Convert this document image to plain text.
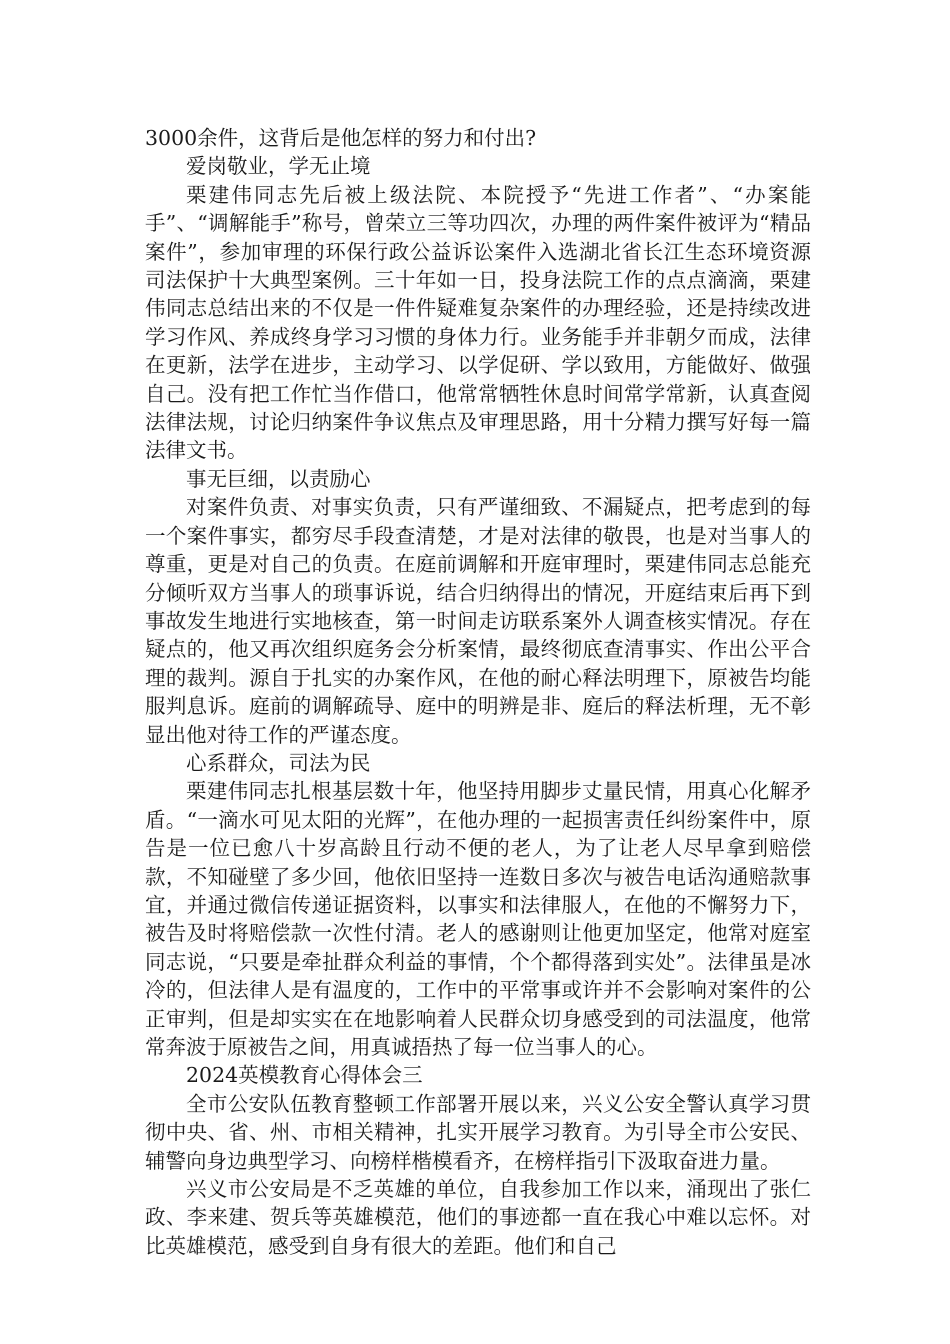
3000余件，这背后是他怎样的努力和付出?

爱岗敬业，学无止境

栗建伟同志先后被上级法院、本院授予“先进工作者”、“办案能手”、“调解能手”称号，曾荣立三等功四次，办理的两件案件被评为“精品案件”，参加审理的环保行政公益诉讼案件入选湖北省长江生态环境资源司法保护十大典型案例。三十年如一日，投身法院工作的点点滴滴，栗建伟同志总结出来的不仅是一件件疑难复杂案件的办理经验，还是持续改进学习作风、养成终身学习习惯的身体力行。业务能手并非朝夕而成，法律在更新，法学在进步，主动学习、以学促研、学以致用，方能做好、做强自己。没有把工作忙当作借口，他常常牺牲休息时间常学常新，认真查阅法律法规，讨论归纳案件争议焦点及审理思路，用十分精力撰写好每一篇法律文书。

事无巨细，以责励心

对案件负责、对事实负责，只有严谨细致、不漏疑点，把考虑到的每一个案件事实，都穷尽手段查清楚，才是对法律的敬畏，也是对当事人的尊重，更是对自己的负责。在庭前调解和开庭审理时，栗建伟同志总能充分倾听双方当事人的琐事诉说，结合归纳得出的情况，开庭结束后再下到事故发生地进行实地核查，第一时间走访联系案外人调查核实情况。存在疑点的，他又再次组织庭务会分析案情，最终彻底查清事实、作出公平合理的裁判。源自于扎实的办案作风，在他的耐心释法明理下，原被告均能服判息诉。庭前的调解疏导、庭中的明辨是非、庭后的释法析理，无不彰显出他对待工作的严谨态度。

心系群众，司法为民

栗建伟同志扎根基层数十年，他坚持用脚步丈量民情，用真心化解矛盾。“一滴水可见太阳的光辉”，在他办理的一起损害责任纠纷案件中，原告是一位已愈八十岁高龄且行动不便的老人，为了让老人尽早拿到赔偿款，不知碰壁了多少回，他依旧坚持一连数日多次与被告电话沟通赔款事宜，并通过微信传递证据资料，以事实和法律服人，在他的不懈努力下，被告及时将赔偿款一次性付清。老人的感谢则让他更加坚定，他常对庭室同志说，“只要是牵扯群众利益的事情，个个都得落到实处”。法律虽是冰冷的，但法律人是有温度的，工作中的平常事或许并不会影响对案件的公正审判，但是却实实在在地影响着人民群众切身感受到的司法温度，他常常奔波于原被告之间，用真诚捂热了每一位当事人的心。

2024英模教育心得体会三

全市公安队伍教育整顿工作部署开展以来，兴义公安全警认真学习贯彻中央、省、州、市相关精神，扎实开展学习教育。为引导全市公安民、辅警向身边典型学习、向榜样楷模看齐，在榜样指引下汲取奋进力量。

兴义市公安局是不乏英雄的单位，自我参加工作以来，涌现出了张仁政、李来建、贺兵等英雄模范，他们的事迹都一直在我心中难以忘怀。对比英雄模范，感受到自身有很大的差距。他们和自己
